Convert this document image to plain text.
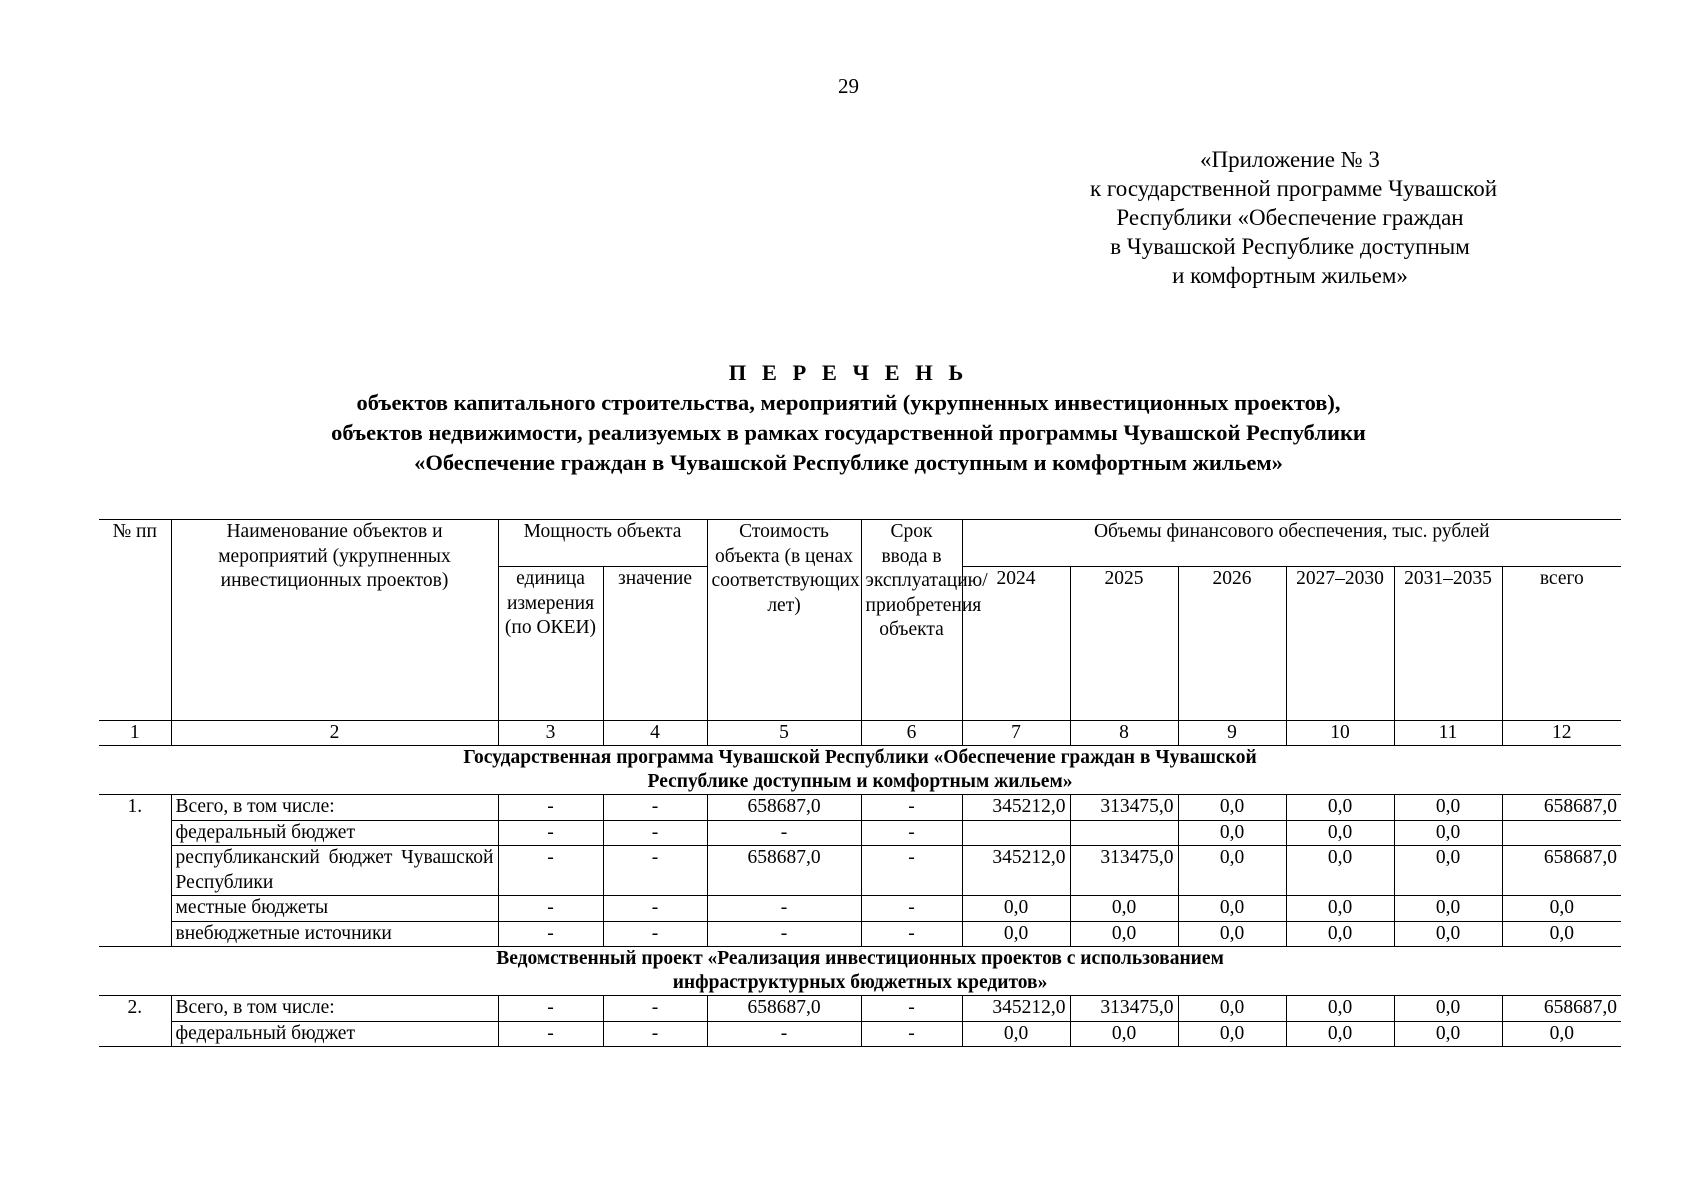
29
«Приложение № 3
к государственной программе Чувашской
Республики «Обеспечение граждан
в Чувашской Республике доступным
и комфортным жильем»
П Е Р Е Ч Е Н Ь
объектов капитального строительства, мероприятий (укрупненных инвестиционных проектов),
объектов недвижимости, реализуемых в рамках государственной программы Чувашской Республики
«Обеспечение граждан в Чувашской Республике доступным и комфортным жильем»
№ пп	Наименование объектов и мероприятий (укрупненных инвестиционных проектов)	Мощность объекта		Стоимость объекта (в ценах соответствующих лет)	Срок ввода в эксплуатацию/ приобретения объекта	Объемы финансового обеспечения, тыс. рублей					
		единица измерения (по ОКЕИ)	значение			2024	2025	2026	2027–2030	2031–2035	всего
1	2	3	4	5	6	7	8	9	10	11	12
Государственная программа Чувашской Республики «Обеспечение граждан в Чувашской Республике доступным и комфортным жильем»											
1.	Всего, в том числе:	-	-	658687,0	-	345212,0	313475,0	0,0	0,0	0,0	658687,0
	федеральный бюджет	-	-	-	-			0,0	0,0	0,0	
	республиканский бюджет Чувашской Республики	-	-	658687,0	-	345212,0	313475,0	0,0	0,0	0,0	658687,0
	местные бюджеты	-	-	-	-	0,0	0,0	0,0	0,0	0,0	0,0
	внебюджетные источники	-	-	-	-	0,0	0,0	0,0	0,0	0,0	0,0
Ведомственный проект «Реализация инвестиционных проектов с использованием инфраструктурных бюджетных кредитов»											
2.	Всего, в том числе:	-	-	658687,0	-	345212,0	313475,0	0,0	0,0	0,0	658687,0
	федеральный бюджет	-	-	-	-	0,0	0,0	0,0	0,0	0,0	0,0
